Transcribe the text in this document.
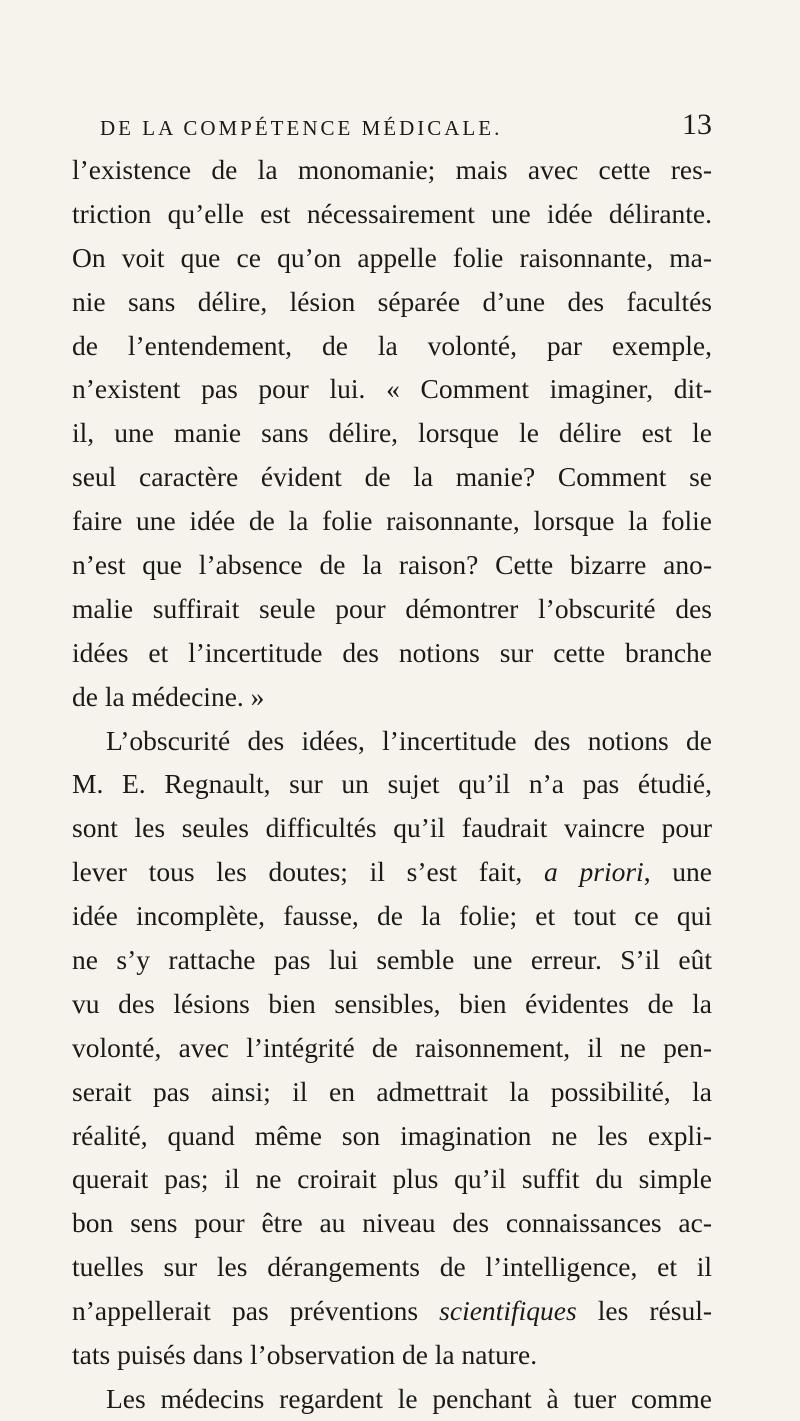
DE LA COMPÉTENCE MÉDICALE.	13
l’existence de la monomanie; mais avec cette res-
triction qu’elle est nécessairement une idée délirante.
On voit que ce qu’on appelle folie raisonnante, ma-
nie sans délire, lésion séparée d’une des facultés
de l’entendement, de la volonté, par exemple,
n’existent pas pour lui. « Comment imaginer, dit-
il, une manie sans délire, lorsque le délire est le
seul caractère évident de la manie? Comment se
faire une idée de la folie raisonnante, lorsque la folie
n’est que l’absence de la raison? Cette bizarre ano-
malie suffirait seule pour démontrer l’obscurité des
idées et l’incertitude des notions sur cette branche
de la médecine. »
L’obscurité des idées, l’incertitude des notions de
M. E. Regnault, sur un sujet qu’il n’a pas étudié,
sont les seules difficultés qu’il faudrait vaincre pour
lever tous les doutes; il s’est fait, a priori, une
idée incomplète, fausse, de la folie; et tout ce qui
ne s’y rattache pas lui semble une erreur. S’il eût
vu des lésions bien sensibles, bien évidentes de la
volonté, avec l’intégrité de raisonnement, il ne pen-
serait pas ainsi; il en admettrait la possibilité, la
réalité, quand même son imagination ne les expli-
querait pas; il ne croirait plus qu’il suffit du simple
bon sens pour être au niveau des connaissances ac-
tuelles sur les dérangements de l’intelligence, et il
n’appellerait pas préventions scientifiques les résul-
tats puisés dans l’observation de la nature.
Les médecins regardent le penchant à tuer comme
